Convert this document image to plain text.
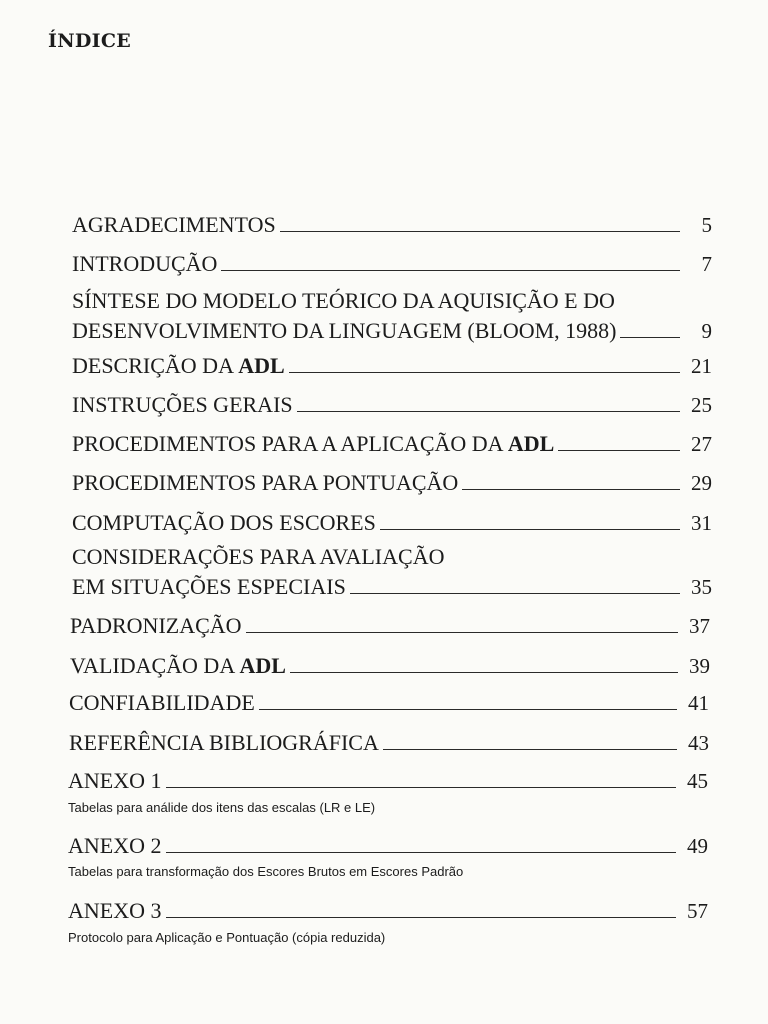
ÍNDICE
AGRADECIMENTOS	5
INTRODUÇÃO	7
SÍNTESE DO MODELO TEÓRICO DA AQUISIÇÃO E DO
DESENVOLVIMENTO DA LINGUAGEM (BLOOM, 1988)	9
DESCRIÇÃO DA ADL	21
INSTRUÇÕES GERAIS	25
PROCEDIMENTOS PARA A APLICAÇÃO DA ADL	27
PROCEDIMENTOS PARA PONTUAÇÃO	29
COMPUTAÇÃO DOS ESCORES	31
CONSIDERAÇÕES PARA AVALIAÇÃO
EM SITUAÇÕES ESPECIAIS	35
PADRONIZAÇÃO	37
VALIDAÇÃO DA ADL	39
CONFIABILIDADE	41
REFERÊNCIA BIBLIOGRÁFICA	43
ANEXO 1	45
Tabelas para análide dos itens das escalas (LR e LE)
ANEXO 2	49
Tabelas para transformação dos Escores Brutos em Escores Padrão
ANEXO 3	57
Protocolo para Aplicação e Pontuação (cópia reduzida)
